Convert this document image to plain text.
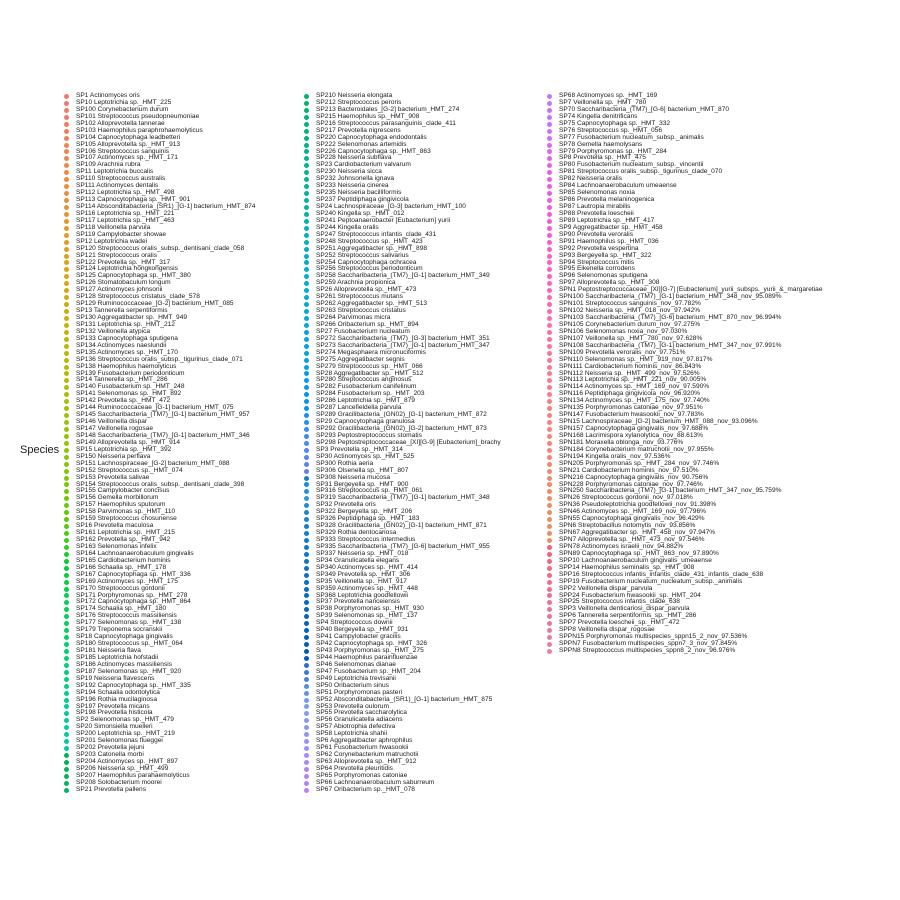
Species
SP1 Actinomyces oris
SP10 Leptotrichia sp._HMT_225
SP100 Corynebacterium durum
SP101 Streptococcus pseudopneumoniae
SP102 Alloprevotella tannerae
SP103 Haemophilus paraphrohaemolyticus
SP104 Capnocytophaga leadbetteri
SP105 Alloprevotella sp._HMT_913
SP106 Streptococcus sanguinis
SP107 Actinomyces sp._HMT_171
SP109 Arachnia rubra
SP11 Leptotrichia buccalis
SP110 Streptococcus australis
SP111 Actinomyces dentalis
SP112 Leptotrichia sp._HMT_498
SP113 Capnocytophaga sp._HMT_901
SP114 Absconditabacteria_(SR1)_[G-1] bacterium_HMT_874
SP116 Leptotrichia sp._HMT_221
SP117 Leptotrichia sp._HMT_463
SP118 Veillonella parvula
SP119 Campylobacter showae
SP12 Leptotrichia wadei
SP120 Streptococcus oralis_subsp._dentisani_clade_058
SP121 Streptococcus oralis
SP122 Prevotella sp._HMT_317
SP124 Leptotrichia hongkongensis
SP125 Capnocytophaga sp._HMT_380
SP126 Stomatobaculum longum
SP127 Actinomyces johnsonii
SP128 Streptococcus cristatus_clade_578
SP129 Ruminococcaceae_[G-2] bacterium_HMT_085
SP13 Tannerella serpentiformis
SP130 Aggregatibacter sp._HMT_949
SP131 Leptotrichia sp._HMT_212
SP132 Veillonella atypica
SP133 Capnocytophaga sputigena
SP134 Actinomyces naeslundii
SP135 Actinomyces sp._HMT_170
SP136 Streptococcus oralis_subsp._tigurinus_clade_071
SP138 Haemophilus haemolyticus
SP139 Fusobacterium periodonticum
SP14 Tannerella sp._HMT_286
SP140 Fusobacterium sp._HMT_248
SP141 Selenomonas sp._HMT_892
SP142 Prevotella sp._HMT_472
SP144 Ruminococcaceae_[G-1] bacterium_HMT_075
SP145 Saccharibacteria_(TM7)_[G-1] bacterium_HMT_957
SP146 Veillonella dispar
SP147 Veillonella rogosae
SP148 Saccharibacteria_(TM7)_[G-1] bacterium_HMT_346
SP149 Alloprevotella sp._HMT_914
SP15 Leptotrichia sp._HMT_392
SP150 Neisseria perflava
SP151 Lachnospiraceae_[G-2] bacterium_HMT_088
SP152 Streptococcus sp._HMT_074
SP153 Prevotella salivae
SP154 Streptococcus oralis_subsp._dentisani_clade_398
SP155 Campylobacter concisus
SP156 Gemella morbillorum
SP157 Haemophilus sputorum
SP158 Parvimonas sp._HMT_110
SP159 Streptococcus chosunense
SP16 Prevotella maculosa
SP161 Leptotrichia sp._HMT_215
SP162 Prevotella sp._HMT_942
SP163 Selenomonas infelix
SP164 Lachnoanaerobaculum gingivalis
SP165 Cardiobacterium hominis
SP166 Schaalia sp._HMT_178
SP167 Capnocytophaga sp._HMT_336
SP169 Actinomyces sp._HMT_175
SP170 Streptococcus gordonii
SP171 Porphyromonas sp._HMT_278
SP172 Capnocytophaga sp._HMT_864
SP174 Schaalia sp._HMT_180
SP176 Streptococcus massiliensis
SP177 Selenomonas sp._HMT_138
SP179 Treponema socranskii
SP18 Capnocytophaga gingivalis
SP180 Streptococcus sp._HMT_064
SP181 Neisseria flava
SP185 Leptotrichia hofstadii
SP186 Actinomyces massiliensis
SP187 Selenomonas sp._HMT_920
SP19 Neisseria flavescens
SP192 Capnocytophaga sp._HMT_335
SP194 Schaalia odontolytica
SP196 Rothia mucilaginosa
SP197 Prevotella micans
SP198 Prevotella histicola
SP2 Selenomonas sp._HMT_479
SP20 Simonsiella muelleri
SP200 Leptotrichia sp._HMT_219
SP201 Selenomonas flueggei
SP202 Prevotella jejuni
SP203 Catonella morbi
SP204 Actinomyces sp._HMT_897
SP206 Neisseria sp._HMT_499
SP207 Haemophilus parahaemolyticus
SP208 Solobacterium moorei
SP21 Prevotella pallens
SP210 Neisseria elongata
SP212 Streptococcus peroris
SP213 Bacteroidales_[G-2] bacterium_HMT_274
SP215 Haemophilus sp._HMT_908
SP216 Streptococcus parasanguinis_clade_411
SP217 Prevotella nigrescens
SP220 Capnocytophaga endodontalis
SP222 Selenomonas artemidis
SP226 Capnocytophaga sp._HMT_863
SP228 Neisseria subflava
SP23 Cardiobacterium valvarum
SP230 Neisseria sicca
SP232 Johnsonella ignava
SP233 Neisseria cinerea
SP235 Neisseria bacilliformis
SP237 Peptidiphaga gingivicola
SP24 Lachnospiraceae_[G-3] bacterium_HMT_100
SP240 Kingella sp._HMT_012
SP241 Peptoanaerobacter [Eubacterium] yurii
SP244 Kingella oralis
SP247 Streptococcus infantis_clade_431
SP248 Streptococcus sp._HMT_423
SP251 Aggregatibacter sp._HMT_898
SP252 Streptococcus salivarius
SP254 Capnocytophaga ochracea
SP256 Streptococcus periodonticum
SP258 Saccharibacteria_(TM7)_[G-1] bacterium_HMT_349
SP259 Arachnia propionica
SP26 Alloprevotella sp._HMT_473
SP261 Streptococcus mutans
SP262 Aggregatibacter sp._HMT_513
SP263 Streptococcus cristatus
SP264 Parvimonas micra
SP266 Oribacterium sp._HMT_894
SP27 Fusobacterium nucleatum
SP272 Saccharibacteria_(TM7)_[G-3] bacterium_HMT_351
SP273 Saccharibacteria_(TM7)_[G-1] bacterium_HMT_347
SP274 Megasphaera micronuciformis
SP275 Aggregatibacter segnis
SP279 Streptococcus sp._HMT_066
SP28 Aggregatibacter sp._HMT_512
SP280 Streptococcus anginosus
SP282 Fusobacterium canifelinum
SP284 Fusobacterium sp._HMT_203
SP286 Leptotrichia sp._HMT_879
SP287 Lancefieldella parvula
SP289 Gracilibacteria_(GN02)_[G-1] bacterium_HMT_872
SP29 Capnocytophaga granulosa
SP292 Gracilibacteria_(GN02)_[G-2] bacterium_HMT_873
SP293 Peptostreptococcus stomatis
SP298 Peptostreptococcaceae_[XI][G-9] [Eubacterium]_brachy
SP3 Prevotella sp._HMT_314
SP30 Actinomyces sp._HMT_525
SP300 Rothia aeria
SP306 Olsenella sp._HMT_807
SP308 Neisseria mucosa
SP31 Bergeyella sp._HMT_900
SP316 Streptococcus sp._HMT_061
SP319 Saccharibacteria_(TM7)_[G-1] bacterium_HMT_348
SP32 Prevotella oris
SP322 Bergeyella sp._HMT_206
SP326 Peptidiphaga sp._HMT_183
SP328 Gracilibacteria_(GN02)_[G-1] bacterium_HMT_871
SP329 Rothia dentocariosa
SP333 Streptococcus intermedius
SP335 Saccharibacteria_(TM7)_[G-6] bacterium_HMT_955
SP337 Neisseria sp._HMT_018
SP34 Granulicatella elegans
SP340 Actinomyces sp._HMT_414
SP349 Prevotella sp._HMT_306
SP35 Veillonella sp._HMT_917
SP359 Actinomyces sp._HMT_448
SP368 Leptotrichia goodfellowii
SP37 Prevotella nanceiensis
SP38 Porphyromonas sp._HMT_930
SP39 Selenomonas sp._HMT_137
SP4 Streptococcus downii
SP40 Bergeyella sp._HMT_931
SP41 Campylobacter gracilis
SP42 Capnocytophaga sp._HMT_326
SP43 Porphyromonas sp._HMT_275
SP44 Haemophilus parainfluenzae
SP46 Selenomonas dianae
SP47 Fusobacterium sp._HMT_204
SP49 Leptotrichia trevisanii
SP50 Oribacterium sinus
SP51 Porphyromonas pasteri
SP52 Absconditabacteria_(SR1)_[G-1] bacterium_HMT_875
SP53 Prevotella oulorum
SP55 Prevotella saccharolytica
SP56 Granulicatella adiacens
SP57 Abiotrophia defectiva
SP58 Leptotrichia shahii
SP6 Aggregatibacter aphrophilus
SP61 Fusobacterium hwasookii
SP62 Corynebacterium matruchotii
SP63 Alloprevotella sp._HMT_912
SP64 Prevotella pleuritidis
SP65 Porphyromonas catoniae
SP66 Lachnoanaerobaculum saburreum
SP67 Oribacterium sp._HMT_078
SP68 Actinomyces sp._HMT_169
SP7 Veillonella sp._HMT_780
SP70 Saccharibacteria_(TM7)_[G-6] bacterium_HMT_870
SP74 Kingella denitrificans
SP75 Capnocytophaga sp._HMT_332
SP76 Streptococcus sp._HMT_056
SP77 Fusobacterium nucleatum_subsp._animalis
SP78 Gemella haemolysans
SP79 Porphyromonas sp._HMT_284
SP8 Prevotella sp._HMT_475
SP80 Fusobacterium nucleatum_subsp._vincentii
SP81 Streptococcus oralis_subsp._tigurinus_clade_070
SP82 Neisseria oralis
SP84 Lachnoanaerobaculum umeaense
SP85 Selenomonas noxia
SP86 Prevotella melaninogenica
SP87 Lautropia mirabilis
SP88 Prevotella loescheii
SP89 Leptotrichia sp._HMT_417
SP9 Aggregatibacter sp._HMT_458
SP90 Prevotella veroralis
SP91 Haemophilus sp._HMT_036
SP92 Prevotella vespertina
SP93 Bergeyella sp._HMT_322
SP94 Streptococcus mitis
SP95 Eikenella corrodens
SP96 Selenomonas sputigena
SP97 Alloprevotella sp._HMT_308
SPN1 Peptostreptococcaceae_[XI][G-7] [Eubacterium]_yurii_subsps._yurii_&_margaretiae
SPN100 Saccharibacteria_(TM7)_[G-1] bacterium_HMT_348_nov_95.089%
SPN101 Streptococcus sanguinis_nov_97.782%
SPN102 Neisseria sp._HMT_018_nov_97.942%
SPN103 Saccharibacteria_(TM7)_[G-6] bacterium_HMT_870_nov_96.994%
SPN105 Corynebacterium durum_nov_97.275%
SPN106 Selenomonas noxia_nov_97.030%
SPN107 Veillonella sp._HMT_780_nov_97.628%
SPN108 Saccharibacteria_(TM7)_[G-1] bacterium_HMT_347_nov_97.991%
SPN109 Prevotella veroralis_nov_97.751%
SPN110 Selenomonas sp._HMT_919_nov_97.817%
SPN111 Cardiobacterium hominis_nov_86.843%
SPN112 Neisseria sp._HMT_499_nov_97.526%
SPN113 Leptotrichia sp._HMT_221_nov_90.005%
SPN114 Actinomyces sp._HMT_169_nov_97.590%
SPN116 Peptidiphaga gingivicola_nov_96.920%
SPN134 Actinomyces sp._HMT_175_nov_97.740%
SPN135 Porphyromonas catoniae_nov_97.951%
SPN147 Fusobacterium hwasookii_nov_97.783%
SPN15 Lachnospiraceae_[G-2] bacterium_HMT_088_nov_93.096%
SPN157 Capnocytophaga gingivalis_nov_97.688%
SPN168 Lacrimispora xylanolytica_nov_88.613%
SPN181 Moraxella oblonga_nov_93.776%
SPN184 Corynebacterium matruchotii_nov_97.955%
SPN194 Kingella oralis_nov_97.536%
SPN205 Porphyromonas sp._HMT_284_nov_97.746%
SPN21 Cardiobacterium hominis_nov_97.510%
SPN216 Capnocytophaga gingivalis_nov_90.756%
SPN228 Porphyromonas catoniae_nov_97.746%
SPN250 Saccharibacteria_(TM7)_[G-1] bacterium_HMT_347_nov_95.759%
SPN26 Streptococcus gordonii_nov_97.018%
SPN36 Pseudoleptotrichia goodfellowii_nov_91.398%
SPN46 Actinomyces sp._HMT_169_nov_97.796%
SPN55 Capnocytophaga gingivalis_nov_96.429%
SPN6 Streptobacillus notomytis_nov_93.856%
SPN67 Aggregatibacter sp._HMT_458_nov_97.947%
SPN7 Alloprevotella sp._HMT_473_nov_97.546%
SPN78 Actinomyces israelii_nov_94.882%
SPN89 Capnocytophaga sp._HMT_863_nov_97.890%
SPP10 Lachnoanaerobaculum gingivalis_umeaense
SPP14 Haemophilus seminalis_sp._HMT_908
SPP16 Streptococcus infantis_infantis_clade_431_infantis_clade_638
SPP19 Fusobacterium nucleatum_nucleatum_subsp._animalis
SPP2 Veillonella dispar_parvula
SPP24 Fusobacterium hwasookii_sp._HMT_204
SPP25 Streptococcus infantis_clade_638
SPP3 Veillonella denticariosi_dispar_parvula
SPP6 Tannerella serpentiformis_sp._HMT_286
SPP7 Prevotella loescheii_sp._HMT_472
SPP8 Veillonella dispar_rogosae
SPPN15 Porphyromonas multispecies_sppn15_2_nov_97.536%
SPPN7 Fusobacterium multispecies_sppn7_3_nov_97.845%
SPPN8 Streptococcus multispecies_sppn8_2_nov_96.976%
